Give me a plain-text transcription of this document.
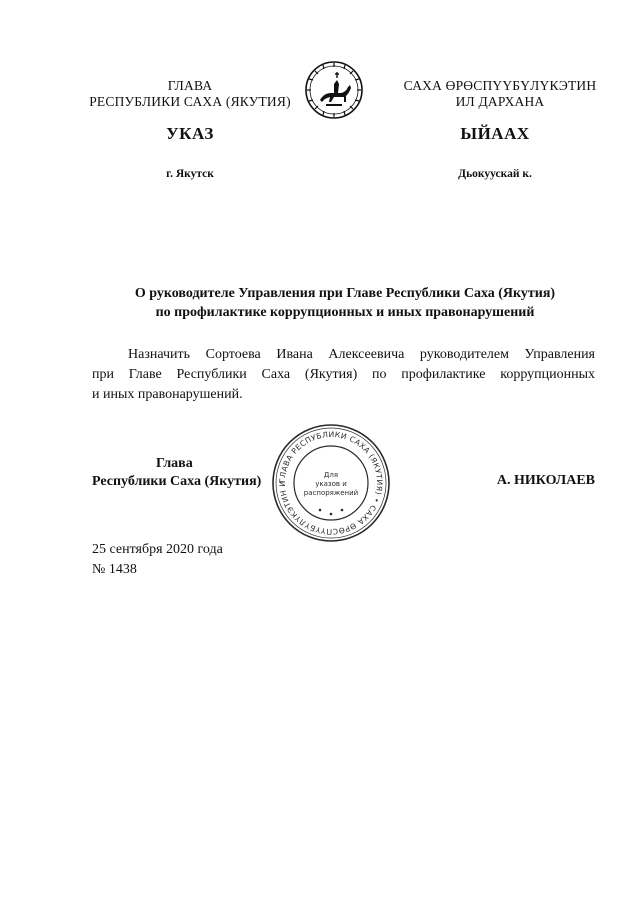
ГЛАВА
РЕСПУБЛИКИ САХА (ЯКУТИЯ)
САХА ӨРӨСПҮҮБҮЛҮКЭТИН
ИЛ ДАРХАНА
УКАЗ	ЫЙААХ
г. Якутск	Дьокуускай к.
О руководителе Управления при Главе Республики Саха (Якутия)
по профилактике коррупционных и иных правонарушений
Назначить Сортоева Ивана Алексеевича руководителем Управления
при Главе Республики Саха (Якутия) по профилактике коррупционных
и иных правонарушений.
Глава
Республики Саха (Якутия)	ГЛАВА РЕСПУБЛИКИ САХА (ЯКУТИЯ) • САХА ӨРӨСПҮҮБҮЛҮКЭТИН И
Для
указов и
распоряжений
А. НИКОЛАЕВ
25 сентября 2020 года
№ 1438
